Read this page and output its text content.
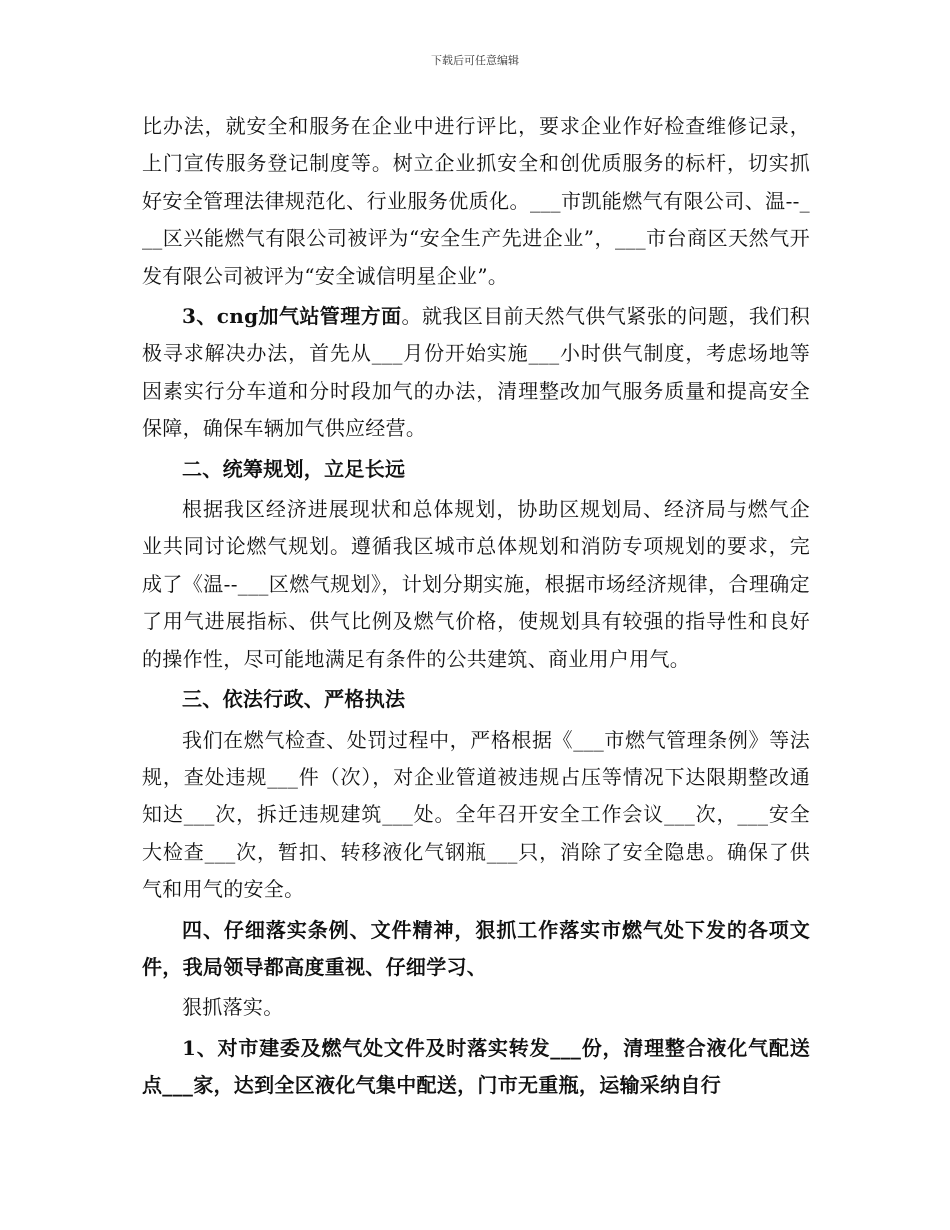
下载后可任意编辑

比办法，就安全和服务在企业中进行评比，要求企业作好检查维修记录，上门宣传服务登记制度等。树立企业抓安全和创优质服务的标杆，切实抓好安全管理法律规范化、行业服务优质化。___市凯能燃气有限公司、温--___区兴能燃气有限公司被评为“安全生产先进企业”，___市台商区天然气开发有限公司被评为“安全诚信明星企业”。

3、cng加气站管理方面。就我区目前天然气供气紧张的问题，我们积极寻求解决办法，首先从___月份开始实施___小时供气制度，考虑场地等因素实行分车道和分时段加气的办法，清理整改加气服务质量和提高安全保障，确保车辆加气供应经营。

二、统筹规划，立足长远

根据我区经济进展现状和总体规划，协助区规划局、经济局与燃气企业共同讨论燃气规划。遵循我区城市总体规划和消防专项规划的要求，完成了《温--___区燃气规划》，计划分期实施，根据市场经济规律，合理确定了用气进展指标、供气比例及燃气价格，使规划具有较强的指导性和良好的操作性，尽可能地满足有条件的公共建筑、商业用户用气。

三、依法行政、严格执法

我们在燃气检查、处罚过程中，严格根据《___市燃气管理条例》等法规，查处违规___件（次），对企业管道被违规占压等情况下达限期整改通知达___次，拆迁违规建筑___处。全年召开安全工作会议___次，___安全大检查___次，暂扣、转移液化气钢瓶___只，消除了安全隐患。确保了供气和用气的安全。

四、仔细落实条例、文件精神，狠抓工作落实市燃气处下发的各项文件，我局领导都高度重视、仔细学习、

狠抓落实。

1、对市建委及燃气处文件及时落实转发___份，清理整合液化气配送点___家，达到全区液化气集中配送，门市无重瓶，运输采纳自行
